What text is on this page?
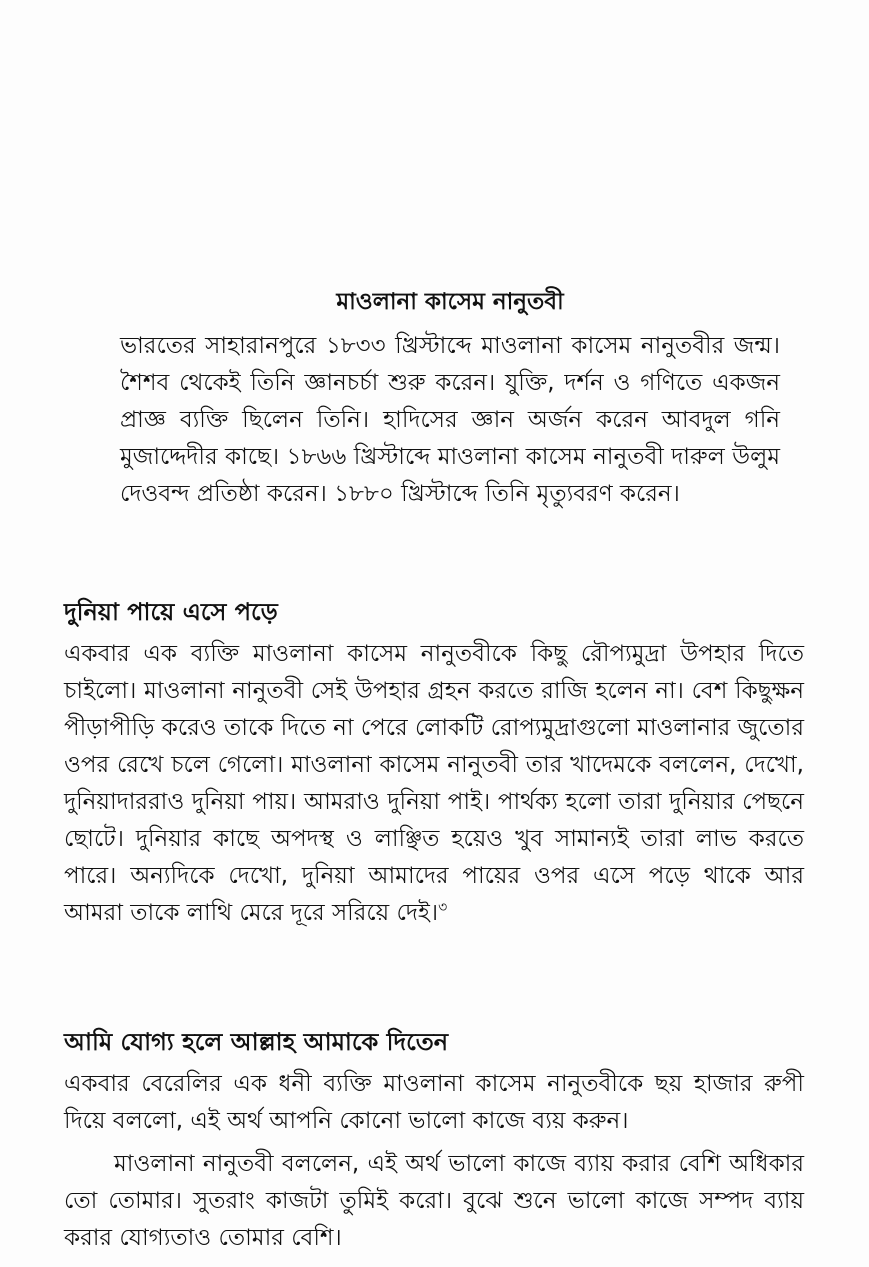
মাওলানা কাসেম নানুতবী

ভারতের সাহারানপুরে ১৮৩৩ খ্রিস্টাব্দে মাওলানা কাসেম নানুতবীর জন্ম। শৈশব থেকেই তিনি জ্ঞানচর্চা শুরু করেন। যুক্তি, দর্শন ও গণিতে একজন প্রাজ্ঞ ব্যক্তি ছিলেন তিনি। হাদিসের জ্ঞান অর্জন করেন আবদুল গনি মুজাদ্দেদীর কাছে। ১৮৬৬ খ্রিস্টাব্দে মাওলানা কাসেম নানুতবী দারুল উলুম দেওবন্দ প্রতিষ্ঠা করেন। ১৮৮০ খ্রিস্টাব্দে তিনি মৃত্যুবরণ করেন।

দুনিয়া পায়ে এসে পড়ে

একবার এক ব্যক্তি মাওলানা কাসেম নানুতবীকে কিছু রৌপ্যমুদ্রা উপহার দিতে চাইলো। মাওলানা নানুতবী সেই উপহার গ্রহন করতে রাজি হলেন না। বেশ কিছুক্ষন পীড়াপীড়ি করেও তাকে দিতে না পেরে লোকটি রোপ্যমুদ্রাগুলো মাওলানার জুতোর ওপর রেখে চলে গেলো। মাওলানা কাসেম নানুতবী তার খাদেমকে বললেন, দেখো, দুনিয়াদাররাও দুনিয়া পায়। আমরাও দুনিয়া পাই। পার্থক্য হলো তারা দুনিয়ার পেছনে ছোটে। দুনিয়ার কাছে অপদস্থ ও লাঞ্ছিত হয়েও খুব সামান্যই তারা লাভ করতে পারে। অন্যদিকে দেখো, দুনিয়া আমাদের পায়ের ওপর এসে পড়ে থাকে আর আমরা তাকে লাথি মেরে দূরে সরিয়ে দেই।$^৩$

আমি যোগ্য হলে আল্লাহ আমাকে দিতেন

একবার বেরেলির এক ধনী ব্যক্তি মাওলানা কাসেম নানুতবীকে ছয় হাজার রুপী দিয়ে বললো, এই অর্থ আপনি কোনো ভালো কাজে ব্যয় করুন।

মাওলানা নানুতবী বললেন, এই অর্থ ভালো কাজে ব্যায় করার বেশি অধিকার তো তোমার। সুতরাং কাজটা তুমিই করো। বুঝে শুনে ভালো কাজে সম্পদ ব্যায় করার যোগ্যতাও তোমার বেশি।
